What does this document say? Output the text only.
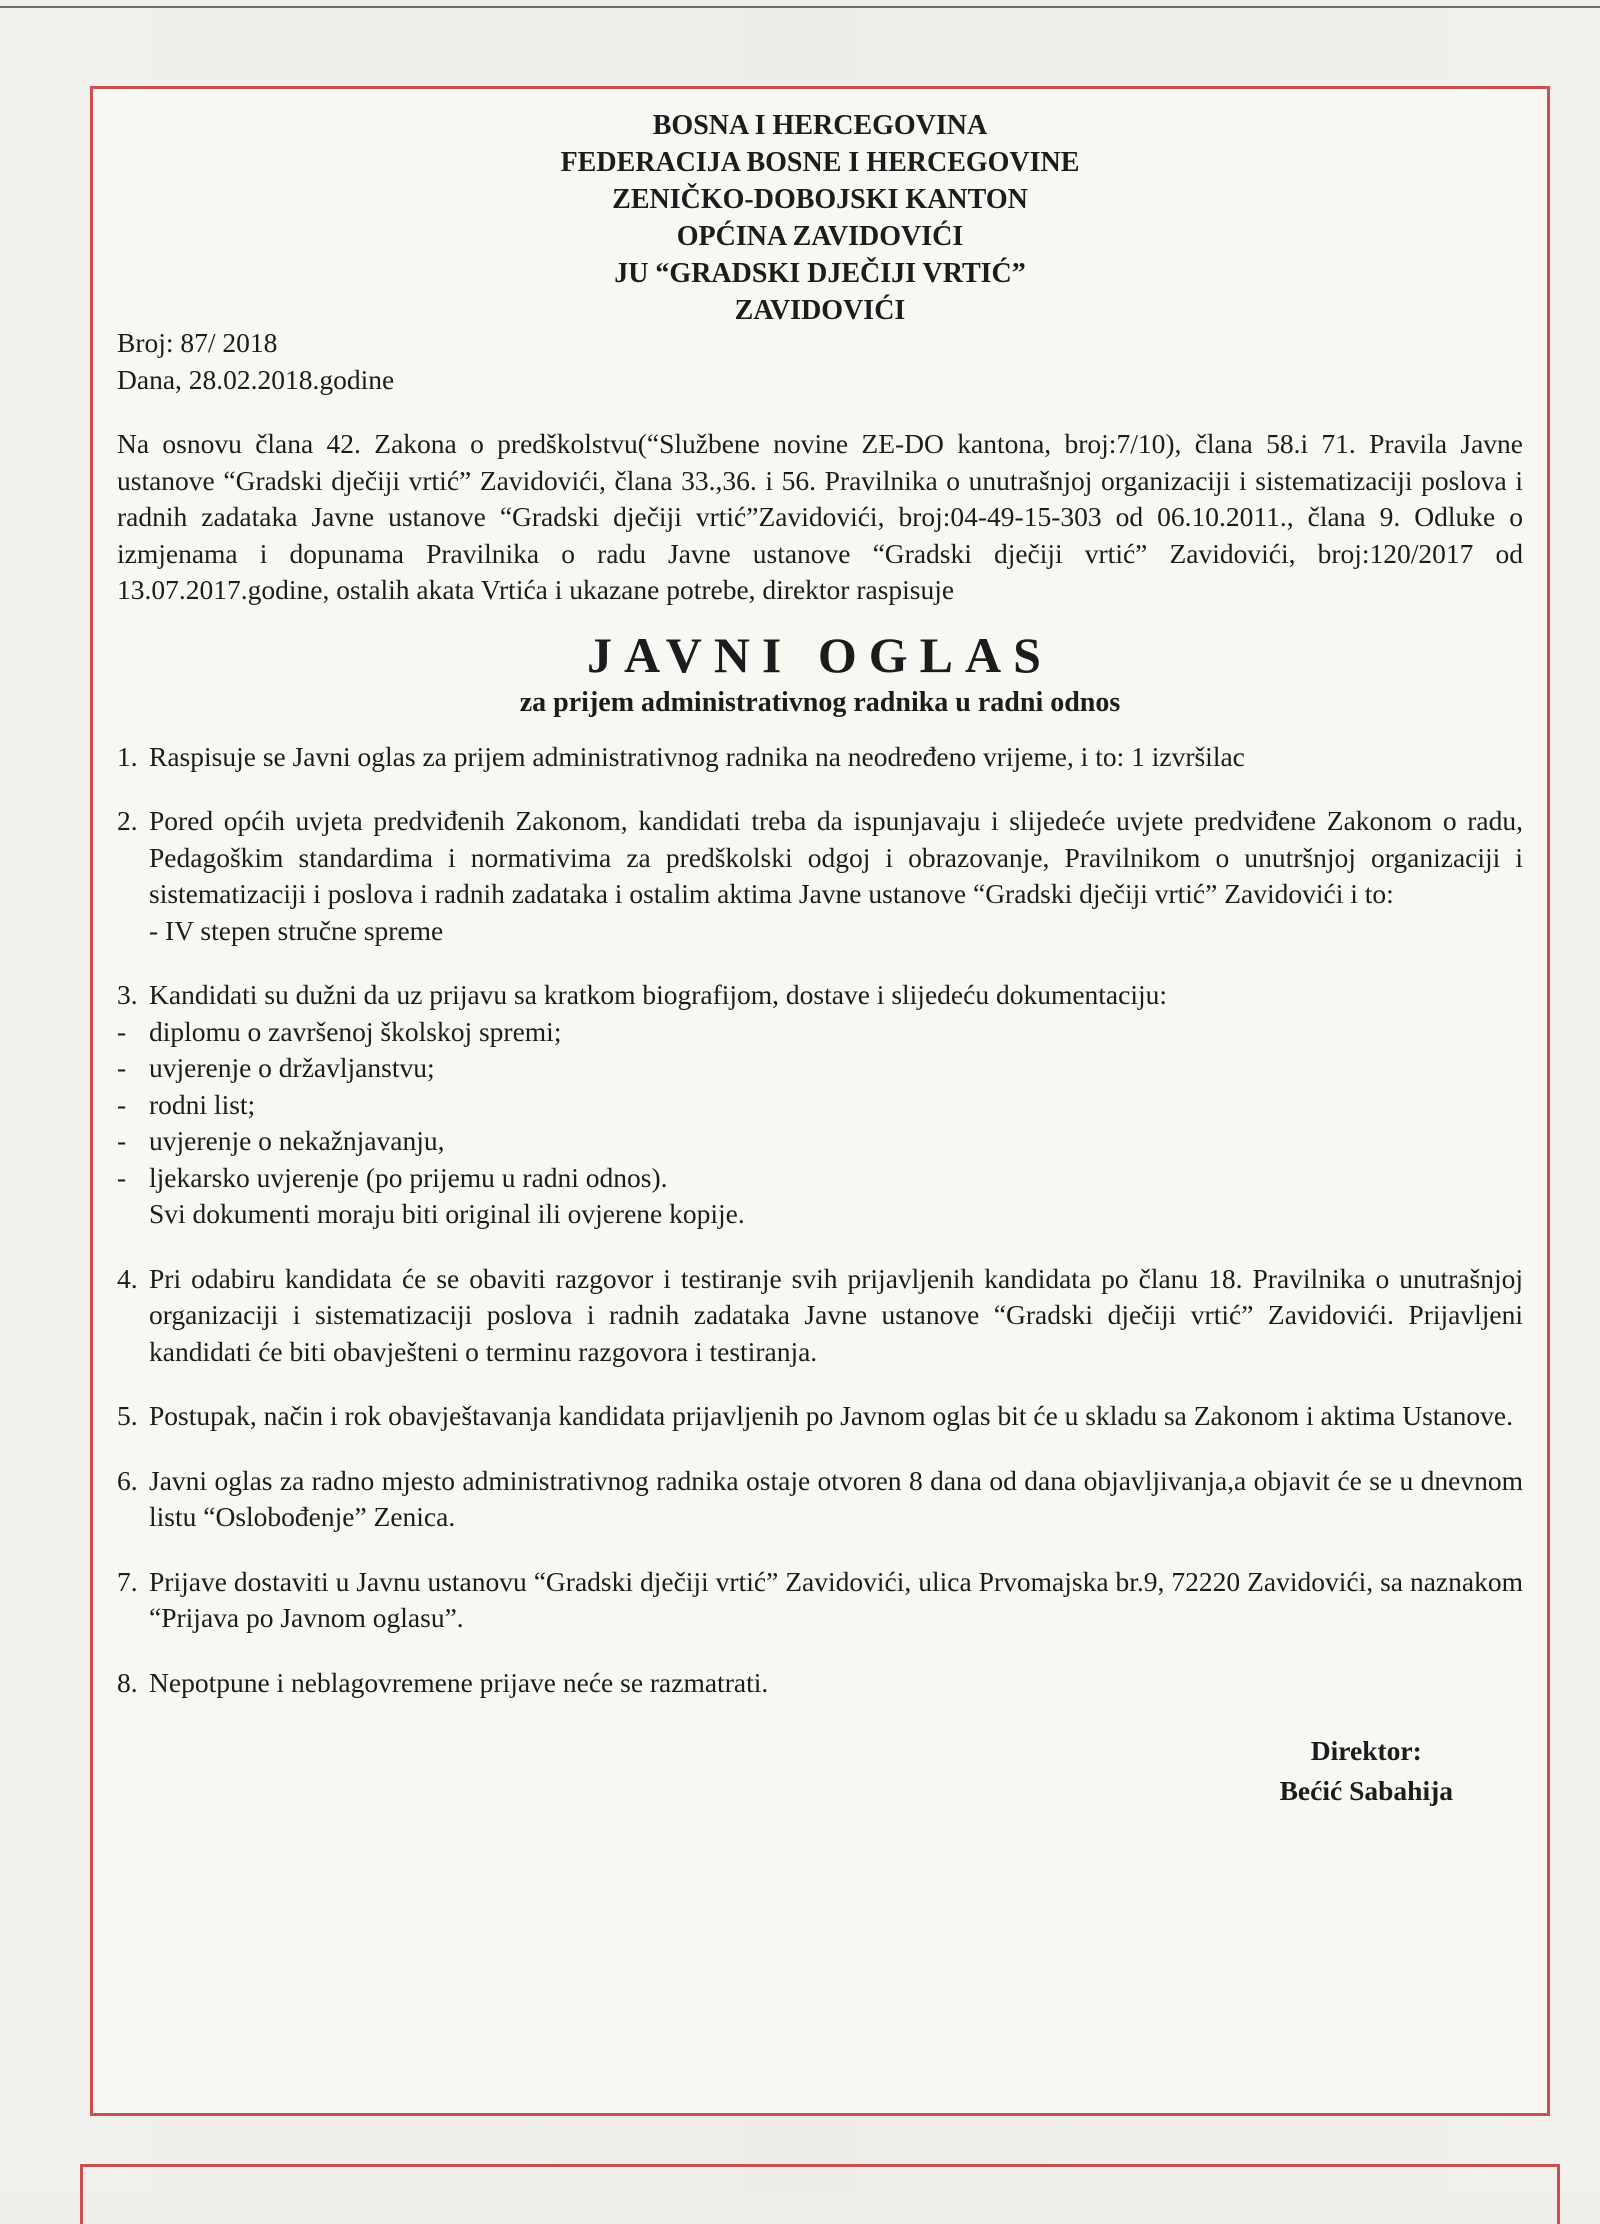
BOSNA I HERCEGOVINA
FEDERACIJA BOSNE I HERCEGOVINE
ZENIČKO-DOBOJSKI KANTON
OPĆINA ZAVIDOVIĆI
JU “GRADSKI DJEČIJI VRTIĆ”
ZAVIDOVIĆI
Broj: 87/ 2018
Dana, 28.02.2018.godine
Na osnovu člana 42. Zakona o predškolstvu(“Službene novine ZE-DO kantona, broj:7/10), člana 58.i 71. Pravila Javne ustanove “Gradski dječiji vrtić” Zavidovići, člana 33.,36. i 56. Pravilnika o unutrašnjoj organizaciji i sistematizaciji poslova i radnih zadataka Javne ustanove “Gradski dječiji vrtić”Zavidovići, broj:04-49-15-303 od 06.10.2011., člana 9. Odluke o izmjenama i dopunama Pravilnika o radu Javne ustanove “Gradski dječiji vrtić” Zavidovići, broj:120/2017 od 13.07.2017.godine, ostalih akata Vrtića i ukazane potrebe, direktor raspisuje
JAVNI OGLAS
za prijem administrativnog radnika u radni odnos
1. Raspisuje se Javni oglas za prijem administrativnog radnika na neodređeno vrijeme, i to: 1 izvršilac
2. Pored općih uvjeta predviđenih Zakonom, kandidati treba da ispunjavaju i slijedeće uvjete predviđene Zakonom o radu, Pedagoškim standardima i normativima za predškolski odgoj i obrazovanje, Pravilnikom o unutršnjoj organizaciji i sistematizaciji i poslova i radnih zadataka i ostalim aktima Javne ustanove “Gradski dječiji vrtić” Zavidovići i to:
- IV stepen stručne spreme
3. Kandidati su dužni da uz prijavu sa kratkom biografijom, dostave i slijedeću dokumentaciju:
- diplomu o završenoj školskoj spremi;
- uvjerenje o državljanstvu;
- rodni list;
- uvjerenje o nekažnjavanju,
- ljekarsko uvjerenje (po prijemu u radni odnos).
Svi dokumenti moraju biti original ili ovjerene kopije.
4. Pri odabiru kandidata će se obaviti razgovor i testiranje svih prijavljenih kandidata po članu 18. Pravilnika o unutrašnjoj organizaciji i sistematizaciji poslova i radnih zadataka Javne ustanove “Gradski dječiji vrtić” Zavidovići. Prijavljeni kandidati će biti obavješteni o terminu razgovora i testiranja.
5. Postupak, način i rok obavještavanja kandidata prijavljenih po Javnom oglas bit će u skladu sa Zakonom i aktima Ustanove.
6. Javni oglas za radno mjesto administrativnog radnika ostaje otvoren 8 dana od dana objavljivanja,a objavit će se u dnevnom listu “Oslobođenje” Zenica.
7. Prijave dostaviti u Javnu ustanovu “Gradski dječiji vrtić” Zavidovići, ulica Prvomajska br.9, 72220 Zavidovići, sa naznakom “Prijava po Javnom oglasu”.
8. Nepotpune i neblagovremene prijave neće se razmatrati.
Direktor:
Bećić Sabahija
